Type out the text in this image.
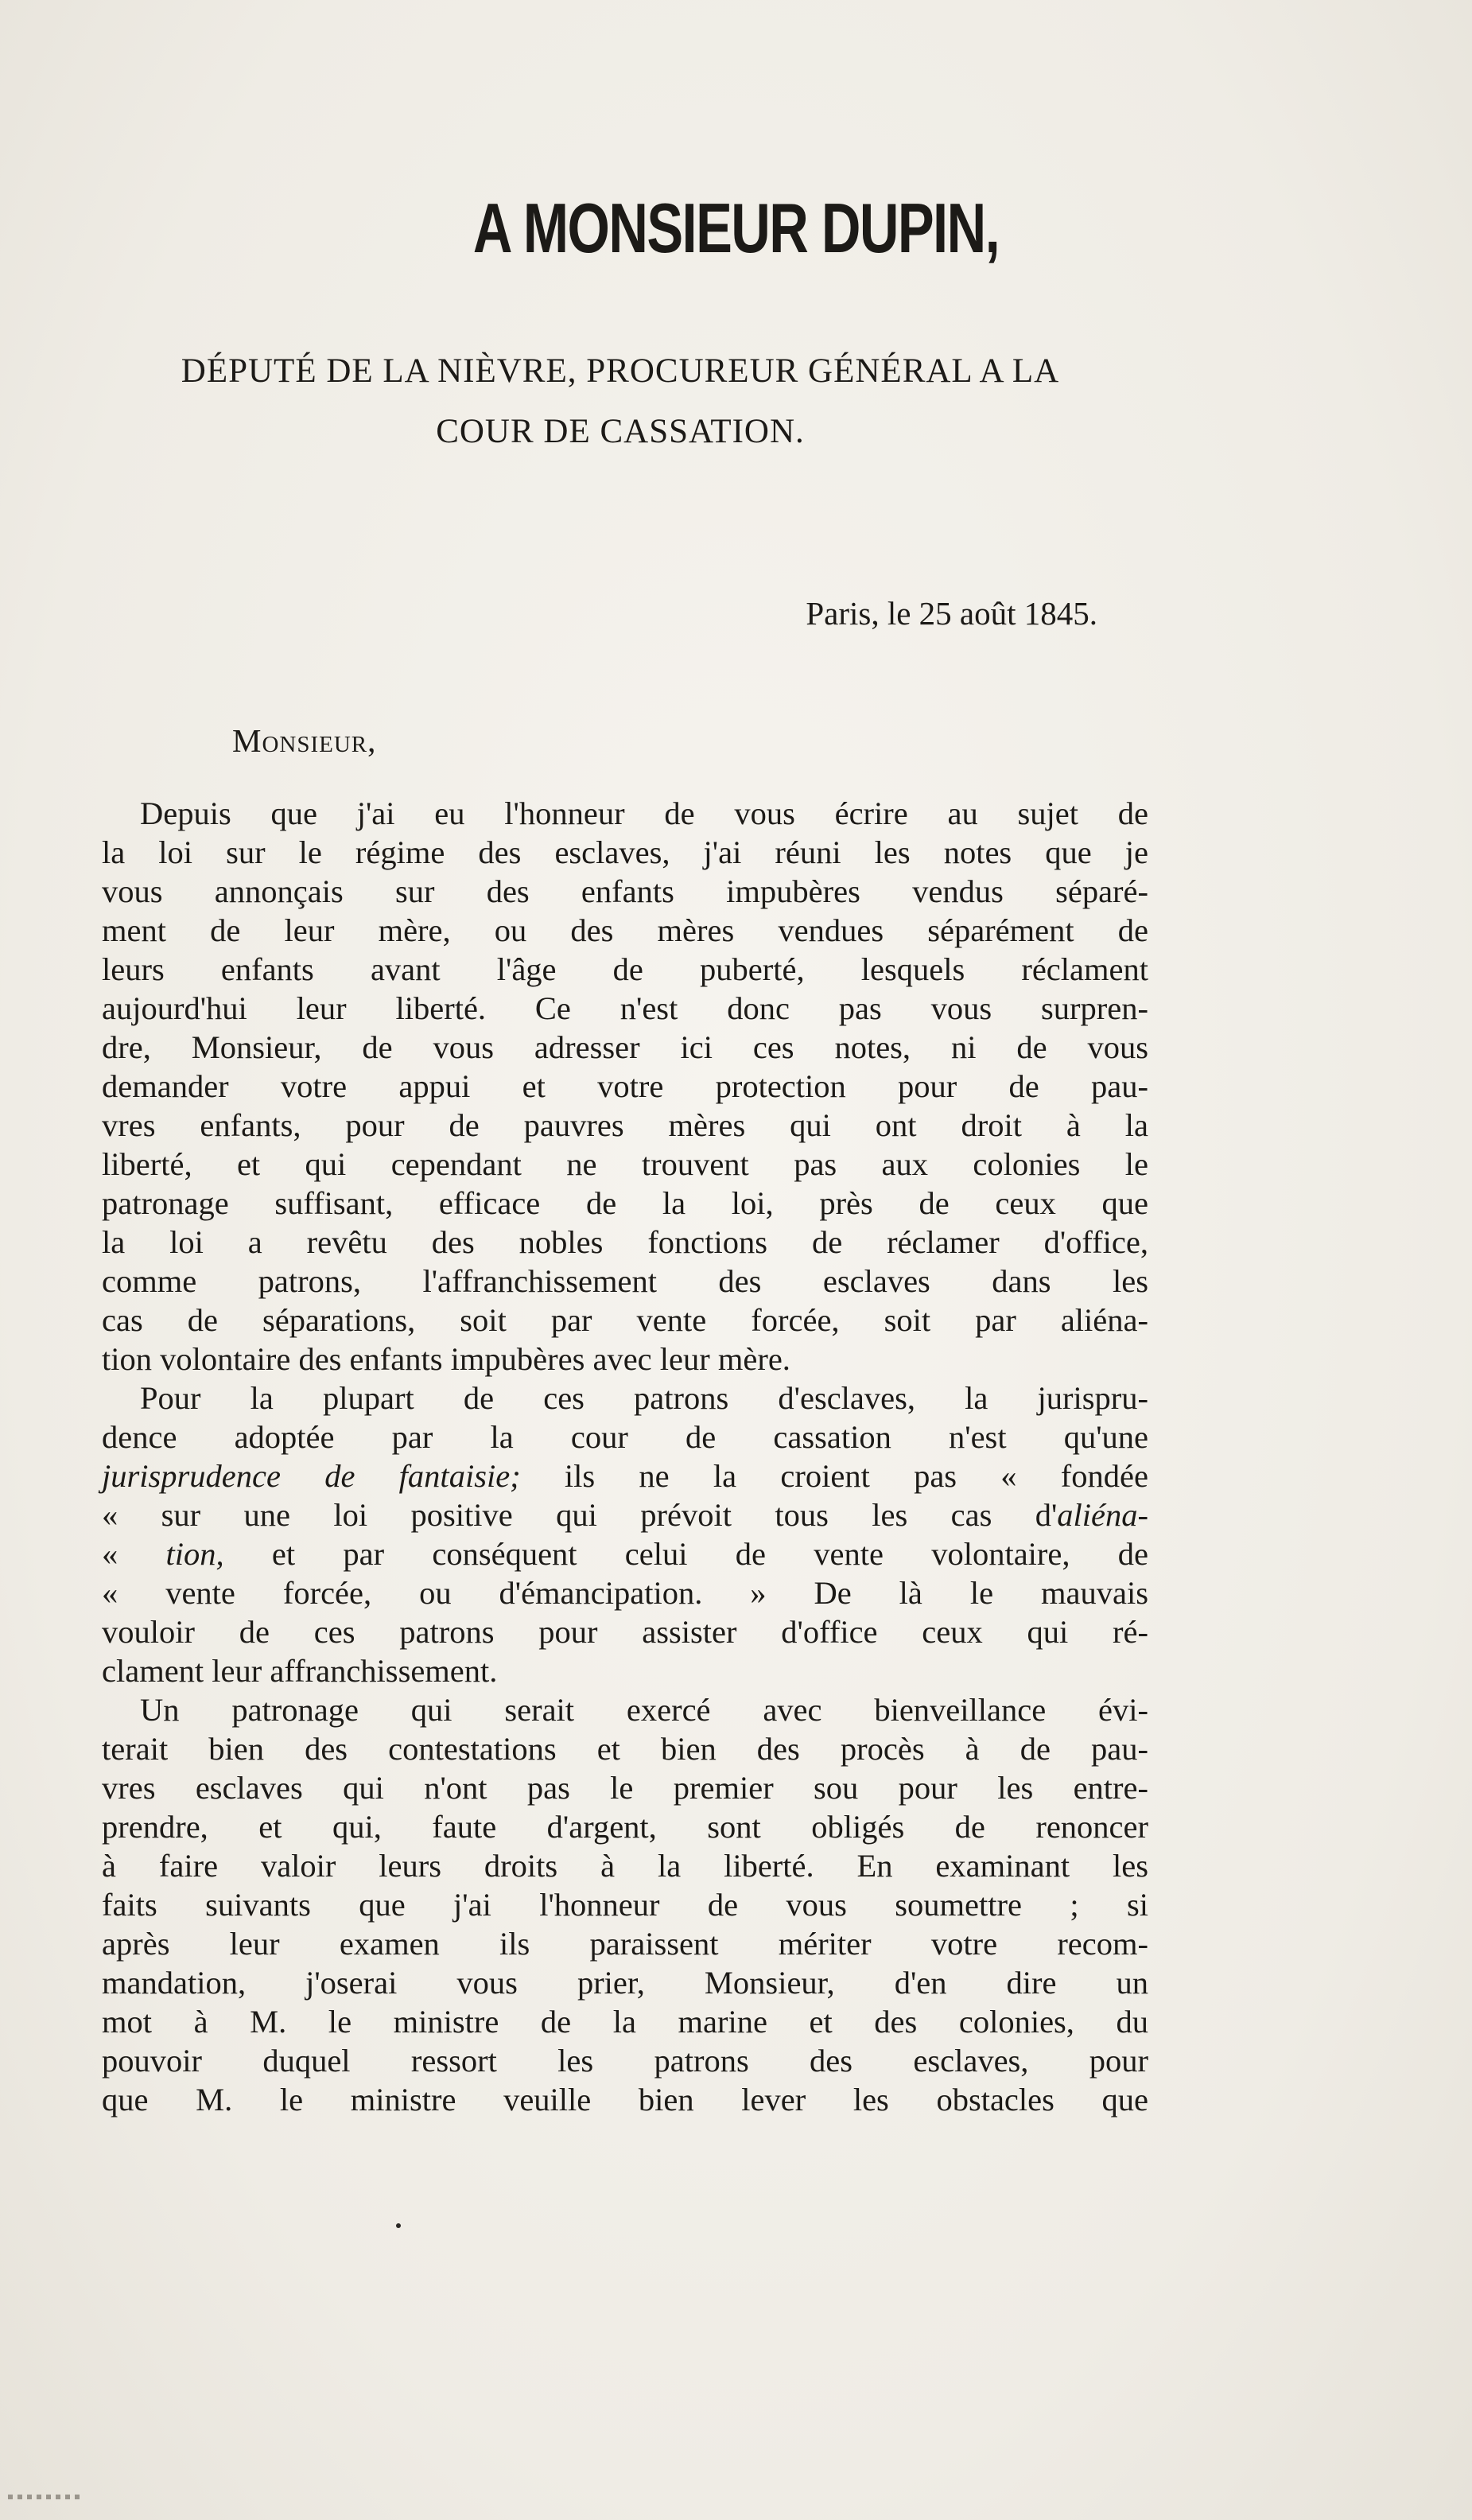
A MONSIEUR DUPIN,

DÉPUTÉ DE LA NIÈVRE, PROCUREUR GÉNÉRAL A LA

COUR DE CASSATION.

Paris, le 25 août 1845.
Monsieur,
Depuis que j'ai eu l'honneur de vous écrire au sujet de
la loi sur le régime des esclaves, j'ai réuni les notes que je
vous annonçais sur des enfants impubères vendus séparé-
ment de leur mère, ou des mères vendues séparément de
leurs enfants avant l'âge de puberté, lesquels réclament
aujourd'hui leur liberté. Ce n'est donc pas vous surpren-
dre, Monsieur, de vous adresser ici ces notes, ni de vous
demander votre appui et votre protection pour de pau-
vres enfants, pour de pauvres mères qui ont droit à la
liberté, et qui cependant ne trouvent pas aux colonies le
patronage suffisant, efficace de la loi, près de ceux que
la loi a revêtu des nobles fonctions de réclamer d'office,
comme patrons, l'affranchissement des esclaves dans les
cas de séparations, soit par vente forcée, soit par aliéna-
tion volontaire des enfants impubères avec leur mère.
Pour la plupart de ces patrons d'esclaves, la jurispru-
dence adoptée par la cour de cassation n'est qu'une
jurisprudence de fantaisie; ils ne la croient pas « fondée
« sur une loi positive qui prévoit tous les cas d'aliéna-
« tion, et par conséquent celui de vente volontaire, de
« vente forcée, ou d'émancipation. » De là le mauvais
vouloir de ces patrons pour assister d'office ceux qui ré-
clament leur affranchissement.
Un patronage qui serait exercé avec bienveillance évi-
terait bien des contestations et bien des procès à de pau-
vres esclaves qui n'ont pas le premier sou pour les entre-
prendre, et qui, faute d'argent, sont obligés de renoncer
à faire valoir leurs droits à la liberté. En examinant les
faits suivants que j'ai l'honneur de vous soumettre ; si
après leur examen ils paraissent mériter votre recom-
mandation, j'oserai vous prier, Monsieur, d'en dire un
mot à M. le ministre de la marine et des colonies, du
pouvoir duquel ressort les patrons des esclaves, pour
que M. le ministre veuille bien lever les obstacles que
